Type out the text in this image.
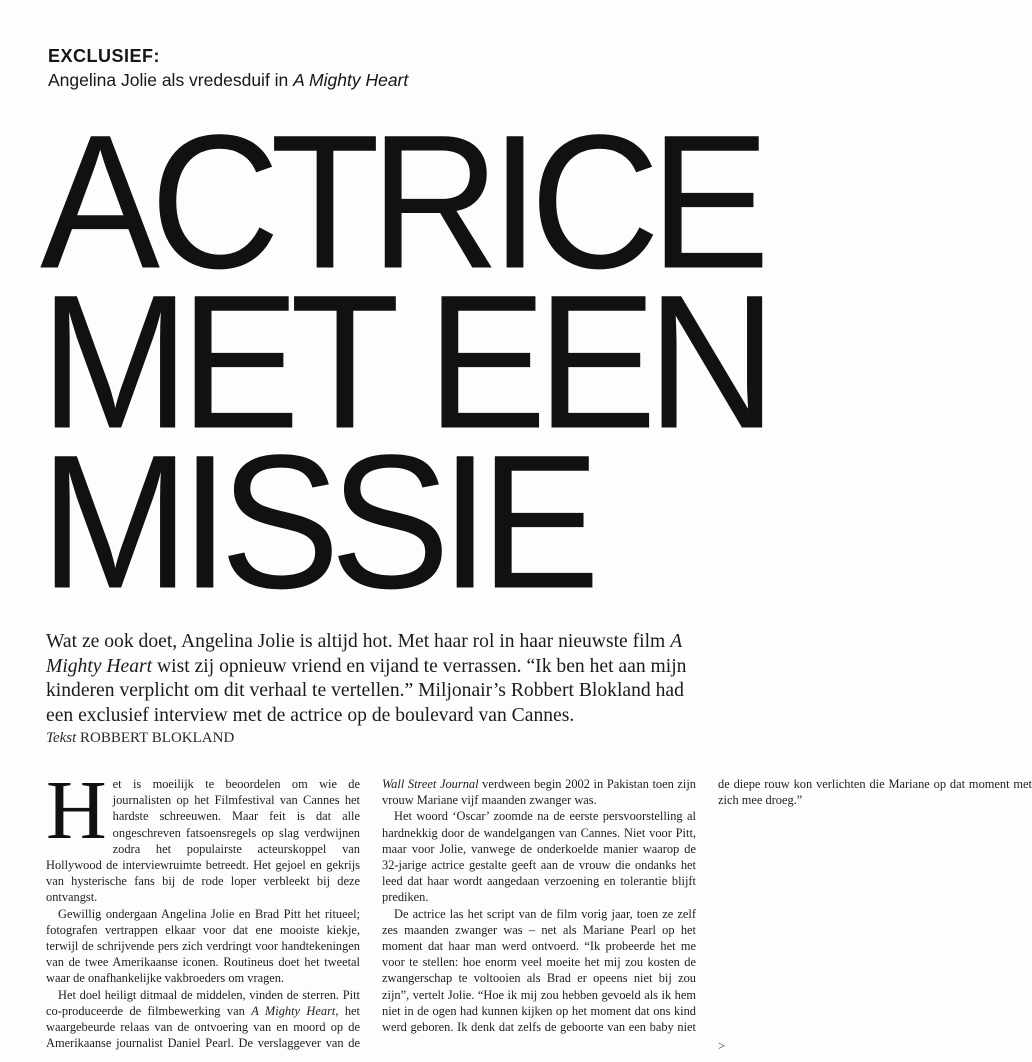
EXCLUSIEF:
Angelina Jolie als vredesduif in A Mighty Heart
ACTRICE
MET EEN
MISSIE

Wat ze ook doet, Angelina Jolie is altijd hot. Met haar rol in haar nieuwste film A Mighty Heart wist zij opnieuw vriend en vijand te verrassen. “Ik ben het aan mijn kinderen verplicht om dit verhaal te vertellen.” Miljonair’s Robbert Blokland had een exclusief interview met de actrice op de boulevard van Cannes.

Tekst ROBBERT BLOKLAND

Het is moeilijk te beoordelen om wie de journalisten op het Filmfestival van Cannes het hardste schreeuwen. Maar feit is dat alle ongeschreven fatsoensregels op slag verdwijnen zodra het populairste acteurskoppel van Hollywood de interviewruimte betreedt. Het gejoel en gekrijs van hysterische fans bij de rode loper verbleekt bij deze ontvangst.

Gewillig ondergaan Angelina Jolie en Brad Pitt het ritueel; fotografen vertrappen elkaar voor dat ene mooiste kiekje, terwijl de schrijvende pers zich verdringt voor handtekeningen van de twee Amerikaanse iconen. Routineus doet het tweetal waar de onafhankelijke vakbroeders om vragen.

Het doel heiligt ditmaal de middelen, vinden de sterren. Pitt co-produceerde de filmbewerking van A Mighty Heart, het waargebeurde relaas van de ontvoering van en moord op de Amerikaanse journalist Daniel Pearl. De verslaggever van de Wall Street Journal verdween begin 2002 in Pakistan toen zijn vrouw Mariane vijf maanden zwanger was.

Het woord ‘Oscar’ zoomde na de eerste persvoorstelling al hardnekkig door de wandelgangen van Cannes. Niet voor Pitt, maar voor Jolie, vanwege de onderkoelde manier waarop de 32-jarige actrice gestalte geeft aan de vrouw die ondanks het leed dat haar wordt aangedaan verzoening en tolerantie blijft prediken.

De actrice las het script van de film vorig jaar, toen ze zelf zes maanden zwanger was – net als Mariane Pearl op het moment dat haar man werd ontvoerd. “Ik probeerde het me voor te stellen: hoe enorm veel moeite het mij zou kosten de zwangerschap te voltooien als Brad er opeens niet bij zou zijn”, vertelt Jolie. “Hoe ik mij zou hebben gevoeld als ik hem niet in de ogen had kunnen kijken op het moment dat ons kind werd geboren. Ik denk dat zelfs de geboorte van een baby niet de diepe rouw kon verlichten die Mariane op dat moment met zich mee droeg.”

>
